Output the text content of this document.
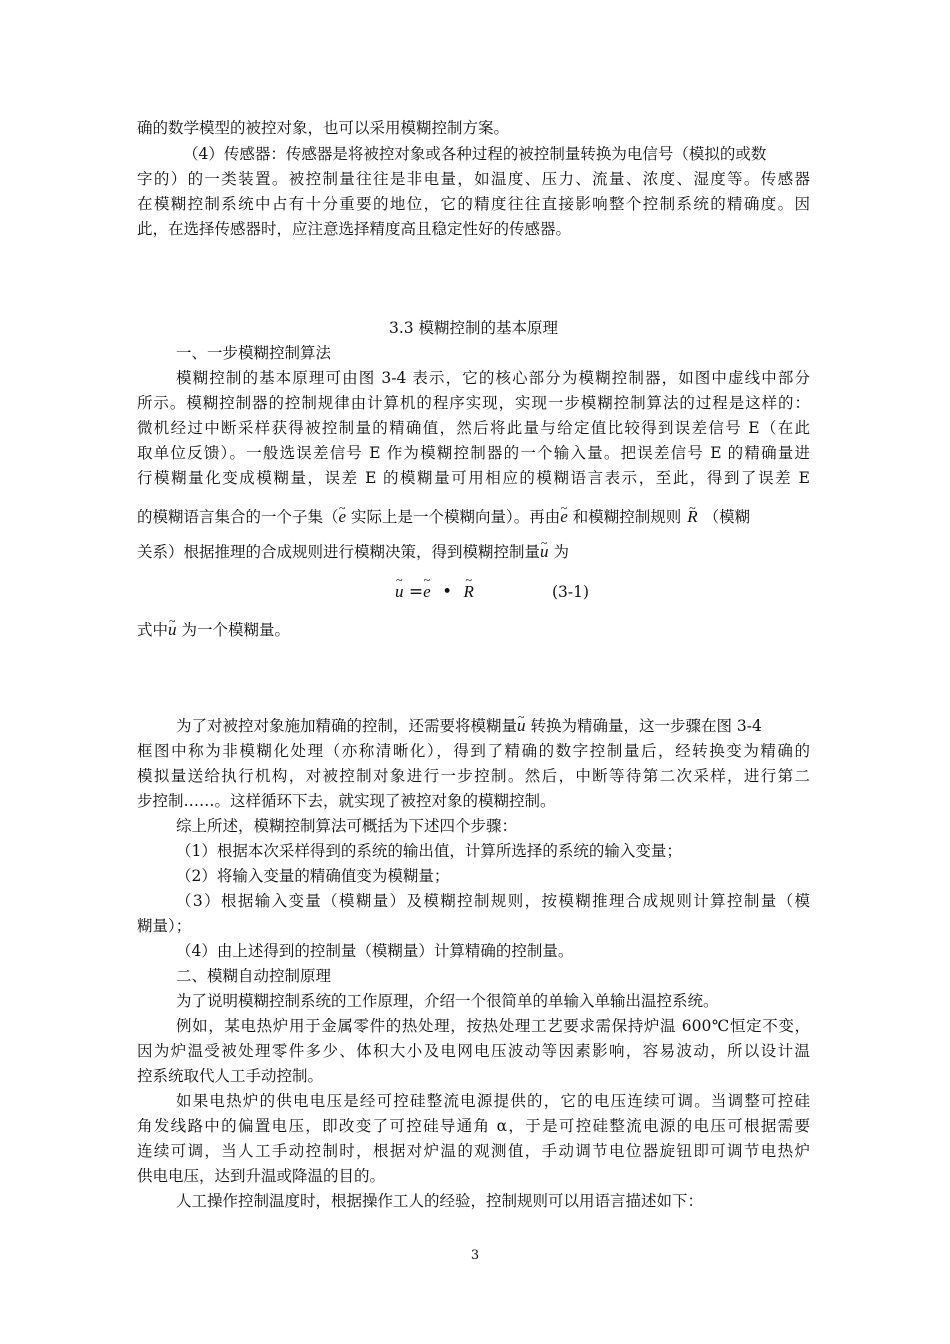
确的数学模型的被控对象，也可以采用模糊控制方案。
（4）传感器：传感器是将被控对象或各种过程的被控制量转换为电信号（模拟的或数
字的）的一类装置。被控制量往往是非电量，如温度、压力、流量、浓度、湿度等。传感器
在模糊控制系统中占有十分重要的地位，它的精度往往直接影响整个控制系统的精确度。因
此，在选择传感器时，应注意选择精度高且稳定性好的传感器。
3.3 模糊控制的基本原理
一、一步模糊控制算法
模糊控制的基本原理可由图 3-4 表示，它的核心部分为模糊控制器，如图中虚线中部分
所示。模糊控制器的控制规律由计算机的程序实现，实现一步模糊控制算法的过程是这样的：
微机经过中断采样获得被控制量的精确值，然后将此量与给定值比较得到误差信号 E（在此
取单位反馈）。一般选误差信号 E 作为模糊控制器的一个输入量。把误差信号 E 的精确量进
行模糊量化变成模糊量，误差 E 的模糊量可用相应的模糊语言表示，至此，得到了误差 E
的模糊语言集合的一个子集（~ e 实际上是一个模糊向量）。再由~ e 和模糊控制规则 ~ R （模糊
关系）根据推理的合成规则进行模糊决策，得到模糊控制量~ u 为
~ u =~ e • ~ R	(3-1)
式中~ u 为一个模糊量。
为了对被控对象施加精确的控制，还需要将模糊量~ u 转换为精确量，这一步骤在图 3-4
框图中称为非模糊化处理（亦称清晰化），得到了精确的数字控制量后，经转换变为精确的
模拟量送给执行机构，对被控制对象进行一步控制。然后，中断等待第二次采样，进行第二
步控制……。这样循环下去，就实现了被控对象的模糊控制。
综上所述，模糊控制算法可概括为下述四个步骤：
（1）根据本次采样得到的系统的输出值，计算所选择的系统的输入变量；
（2）将输入变量的精确值变为模糊量；
（3）根据输入变量（模糊量）及模糊控制规则，按模糊推理合成规则计算控制量（模
糊量）；
（4）由上述得到的控制量（模糊量）计算精确的控制量。
二、模糊自动控制原理
为了说明模糊控制系统的工作原理，介绍一个很简单的单输入单输出温控系统。
例如，某电热炉用于金属零件的热处理，按热处理工艺要求需保持炉温 600℃恒定不变，
因为炉温受被处理零件多少、体积大小及电网电压波动等因素影响，容易波动，所以设计温
控系统取代人工手动控制。
如果电热炉的供电电压是经可控硅整流电源提供的，它的电压连续可调。当调整可控硅
角发线路中的偏置电压，即改变了可控硅导通角 α，于是可控硅整流电源的电压可根据需要
连续可调，当人工手动控制时，根据对炉温的观测值，手动调节电位器旋钮即可调节电热炉
供电电压，达到升温或降温的目的。
人工操作控制温度时，根据操作工人的经验，控制规则可以用语言描述如下：
3
